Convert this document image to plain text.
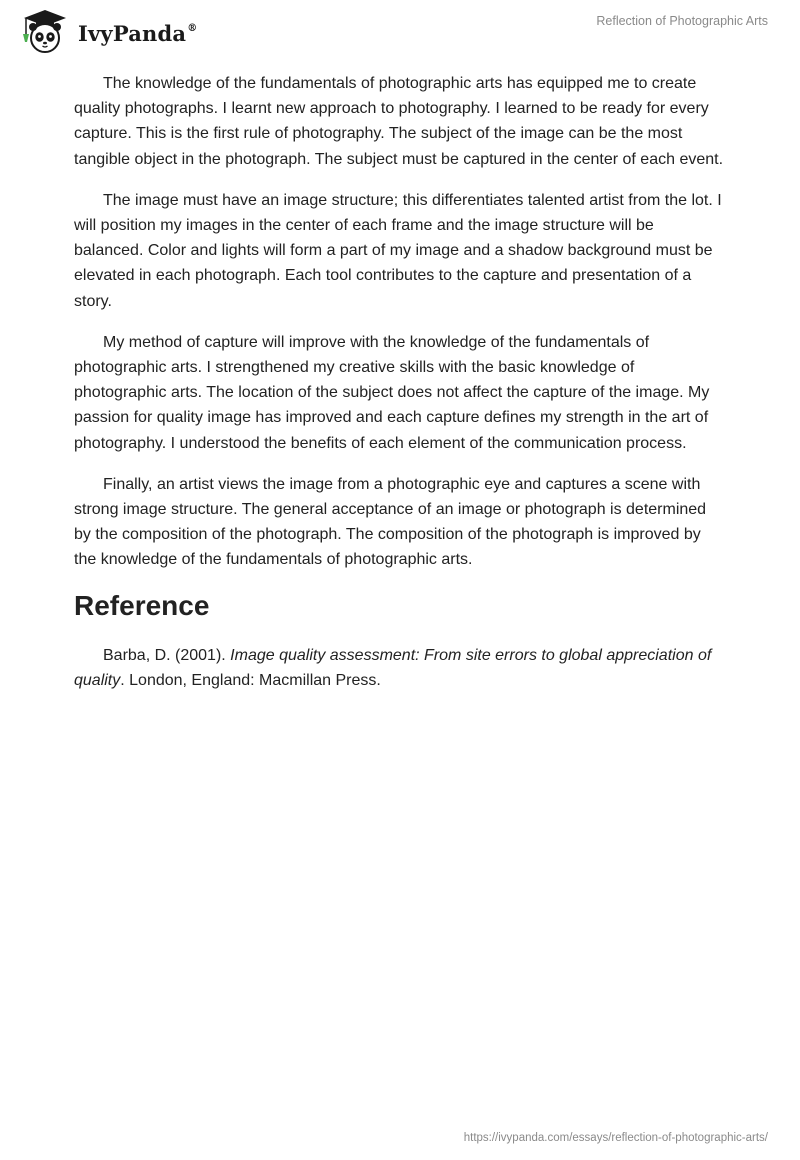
IvyPanda®	Reflection of Photographic Arts

The knowledge of the fundamentals of photographic arts has equipped me to create quality photographs. I learnt new approach to photography. I learned to be ready for every capture. This is the first rule of photography. The subject of the image can be the most tangible object in the photograph. The subject must be captured in the center of each event.

The image must have an image structure; this differentiates talented artist from the lot. I will position my images in the center of each frame and the image structure will be balanced. Color and lights will form a part of my image and a shadow background must be elevated in each photograph. Each tool contributes to the capture and presentation of a story.

My method of capture will improve with the knowledge of the fundamentals of photographic arts. I strengthened my creative skills with the basic knowledge of photographic arts. The location of the subject does not affect the capture of the image. My passion for quality image has improved and each capture defines my strength in the art of photography. I understood the benefits of each element of the communication process.

Finally, an artist views the image from a photographic eye and captures a scene with strong image structure. The general acceptance of an image or photograph is determined by the composition of the photograph. The composition of the photograph is improved by the knowledge of the fundamentals of photographic arts.

Reference

Barba, D. (2001). Image quality assessment: From site errors to global appreciation of quality. London, England: Macmillan Press.

https://ivypanda.com/essays/reflection-of-photographic-arts/
